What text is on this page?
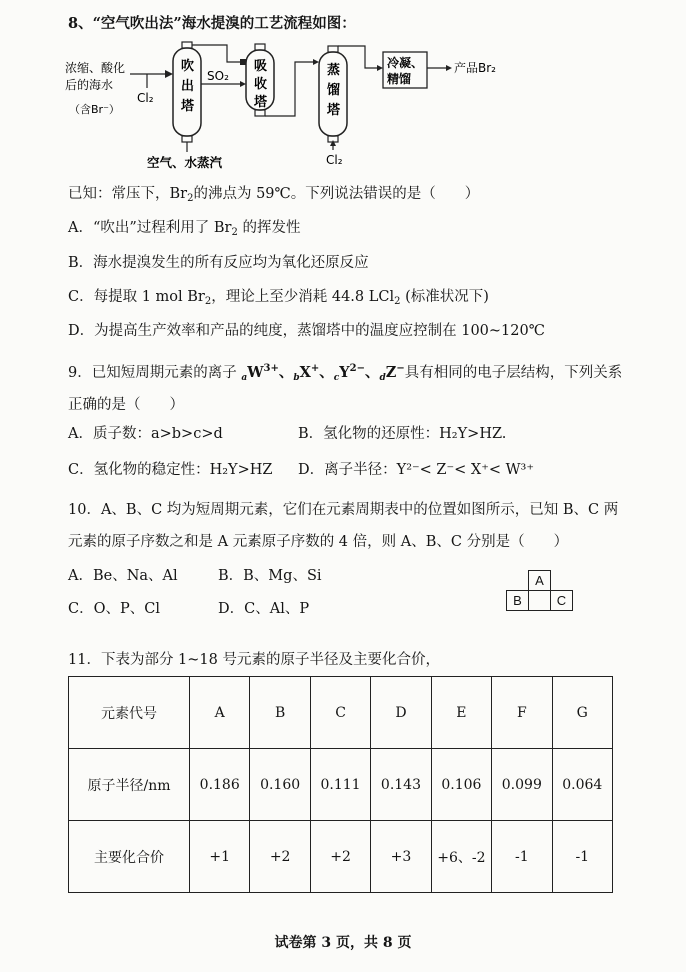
8、“空气吹出法”海水提溴的工艺流程如图：
浓缩、酸化
后的海水
（含Br⁻）
Cl₂
吹
出
塔
空气、水蒸汽
SO₂
吸
收
塔
蒸
馏
塔
Cl₂
冷凝、
精馏
产品Br₂
已知：常压下，$Br_2$的沸点为 59℃。下列说法错误的是（　　）
A．“吹出”过程利用了 $Br_2$ 的挥发性
B．海水提溴发生的所有反应均为氧化还原反应
C．每提取 1 mol $Br_2$，理论上至少消耗 44.8 LCl$_2$ (标准状况下)
D．为提高生产效率和产品的纯度，蒸馏塔中的温度应控制在 100~120℃
9．已知短周期元素的离子 $_aW^{3+}$、$_b$X+、$_cY^{2-}$、$_d$Z−具有相同的电子层结构，下列关系
正确的是（　　）
A．质子数：a>b>c>d	B．氢化物的还原性：H₂Y>HZ.
C．氢化物的稳定性：H₂Y>HZ D．离子半径：Y²⁻< Z⁻< X⁺< W³⁺
10．A、B、C 均为短周期元素，它们在元素周期表中的位置如图所示，已知 B、C 两
元素的原子序数之和是 A 元素原子序数的 4 倍，则 A、B、C 分别是（　　）
A．Be、Na、Al	B．B、Mg、Si
C．O、P、Cl	D．C、Al、P
A
B	C
11．下表为部分 1~18 号元素的原子半径及主要化合价，
元素代号	A	B	C	D	E	F	G
原子半径/nm	0.186	0.160	0.111	0.143	0.106	0.099	0.064
主要化合价	+1	+2	+2	+3	+6、-2	-1	-1
试卷第 3 页，共 8 页
